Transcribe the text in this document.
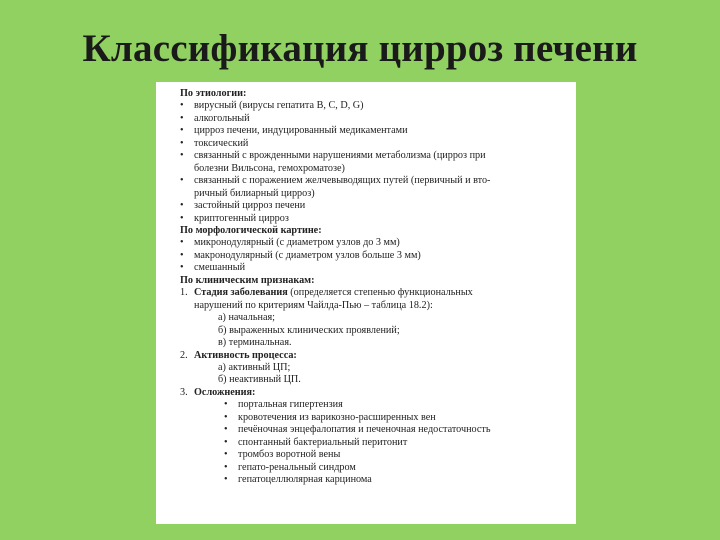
Классификация цирроз печени
По этиологии:
• вирусный (вирусы гепатита В, С, D, G)
• алкогольный
• цирроз печени, индуцированный медикаментами
• токсический
• связанный с врожденными нарушениями метаболизма (цирроз при
болезни Вильсона, гемохроматозе)
• связанный с поражением желчевыводящих путей (первичный и вто-
ричный билиарный цирроз)
• застойный цирроз печени
• криптогенный цирроз
По морфологической картине:
• микронодулярный (с диаметром узлов до 3 мм)
• макронодулярный (с диаметром узлов больше 3 мм)
• смешанный
По клиническим признакам:
1. Стадия заболевания (определяется степенью функциональных
нарушений по критериям Чайлда-Пью – таблица 18.2):
а) начальная;
б) выраженных клинических проявлений;
в) терминальная.
2. Активность процесса:
а) активный ЦП;
б) неактивный ЦП.
3. Осложнения:
• портальная гипертензия
• кровотечения из варикозно-расширенных вен
• печёночная энцефалопатия и печеночная недостаточность
• спонтанный бактериальный перитонит
• тромбоз воротной вены
• гепато-ренальный синдром
• гепатоцеллюлярная карцинома
